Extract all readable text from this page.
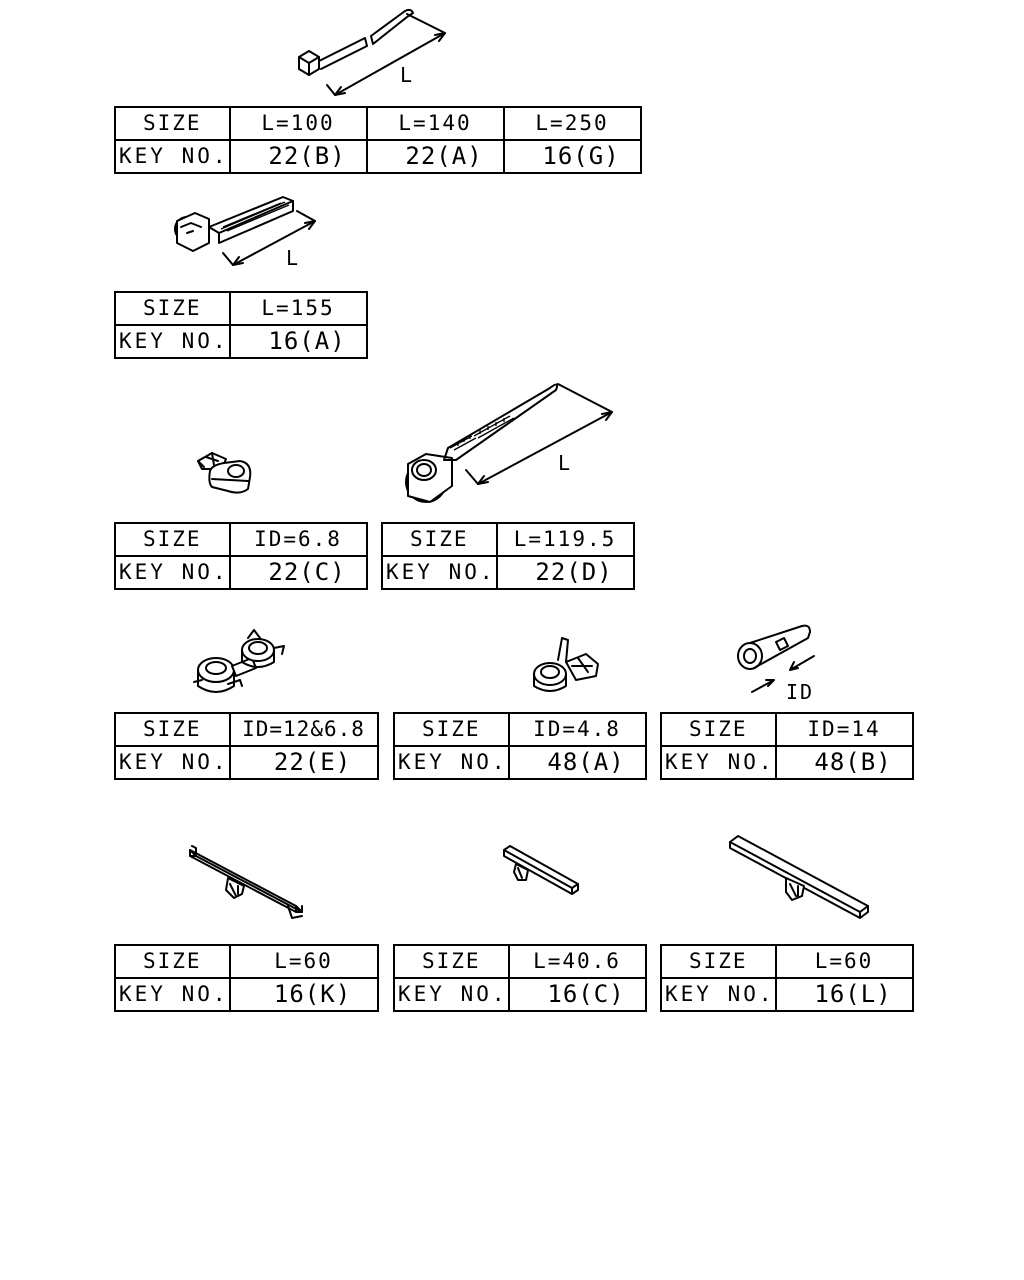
L
SIZE	L=100	L=140	L=250
KEY NO.	22(B)	22(A)	16(G)
L
SIZE	L=155
KEY NO.	16(A)
SIZE	ID=6.8
KEY NO.	22(C)
L
SIZE	L=119.5
KEY NO.	22(D)
SIZE	ID=12&6.8
KEY NO.	22(E)
SIZE	ID=4.8
KEY NO.	48(A)
ID
SIZE	ID=14
KEY NO.	48(B)
SIZE	L=60
KEY NO.	16(K)
SIZE	L=40.6
KEY NO.	16(C)
SIZE	L=60
KEY NO.	16(L)
